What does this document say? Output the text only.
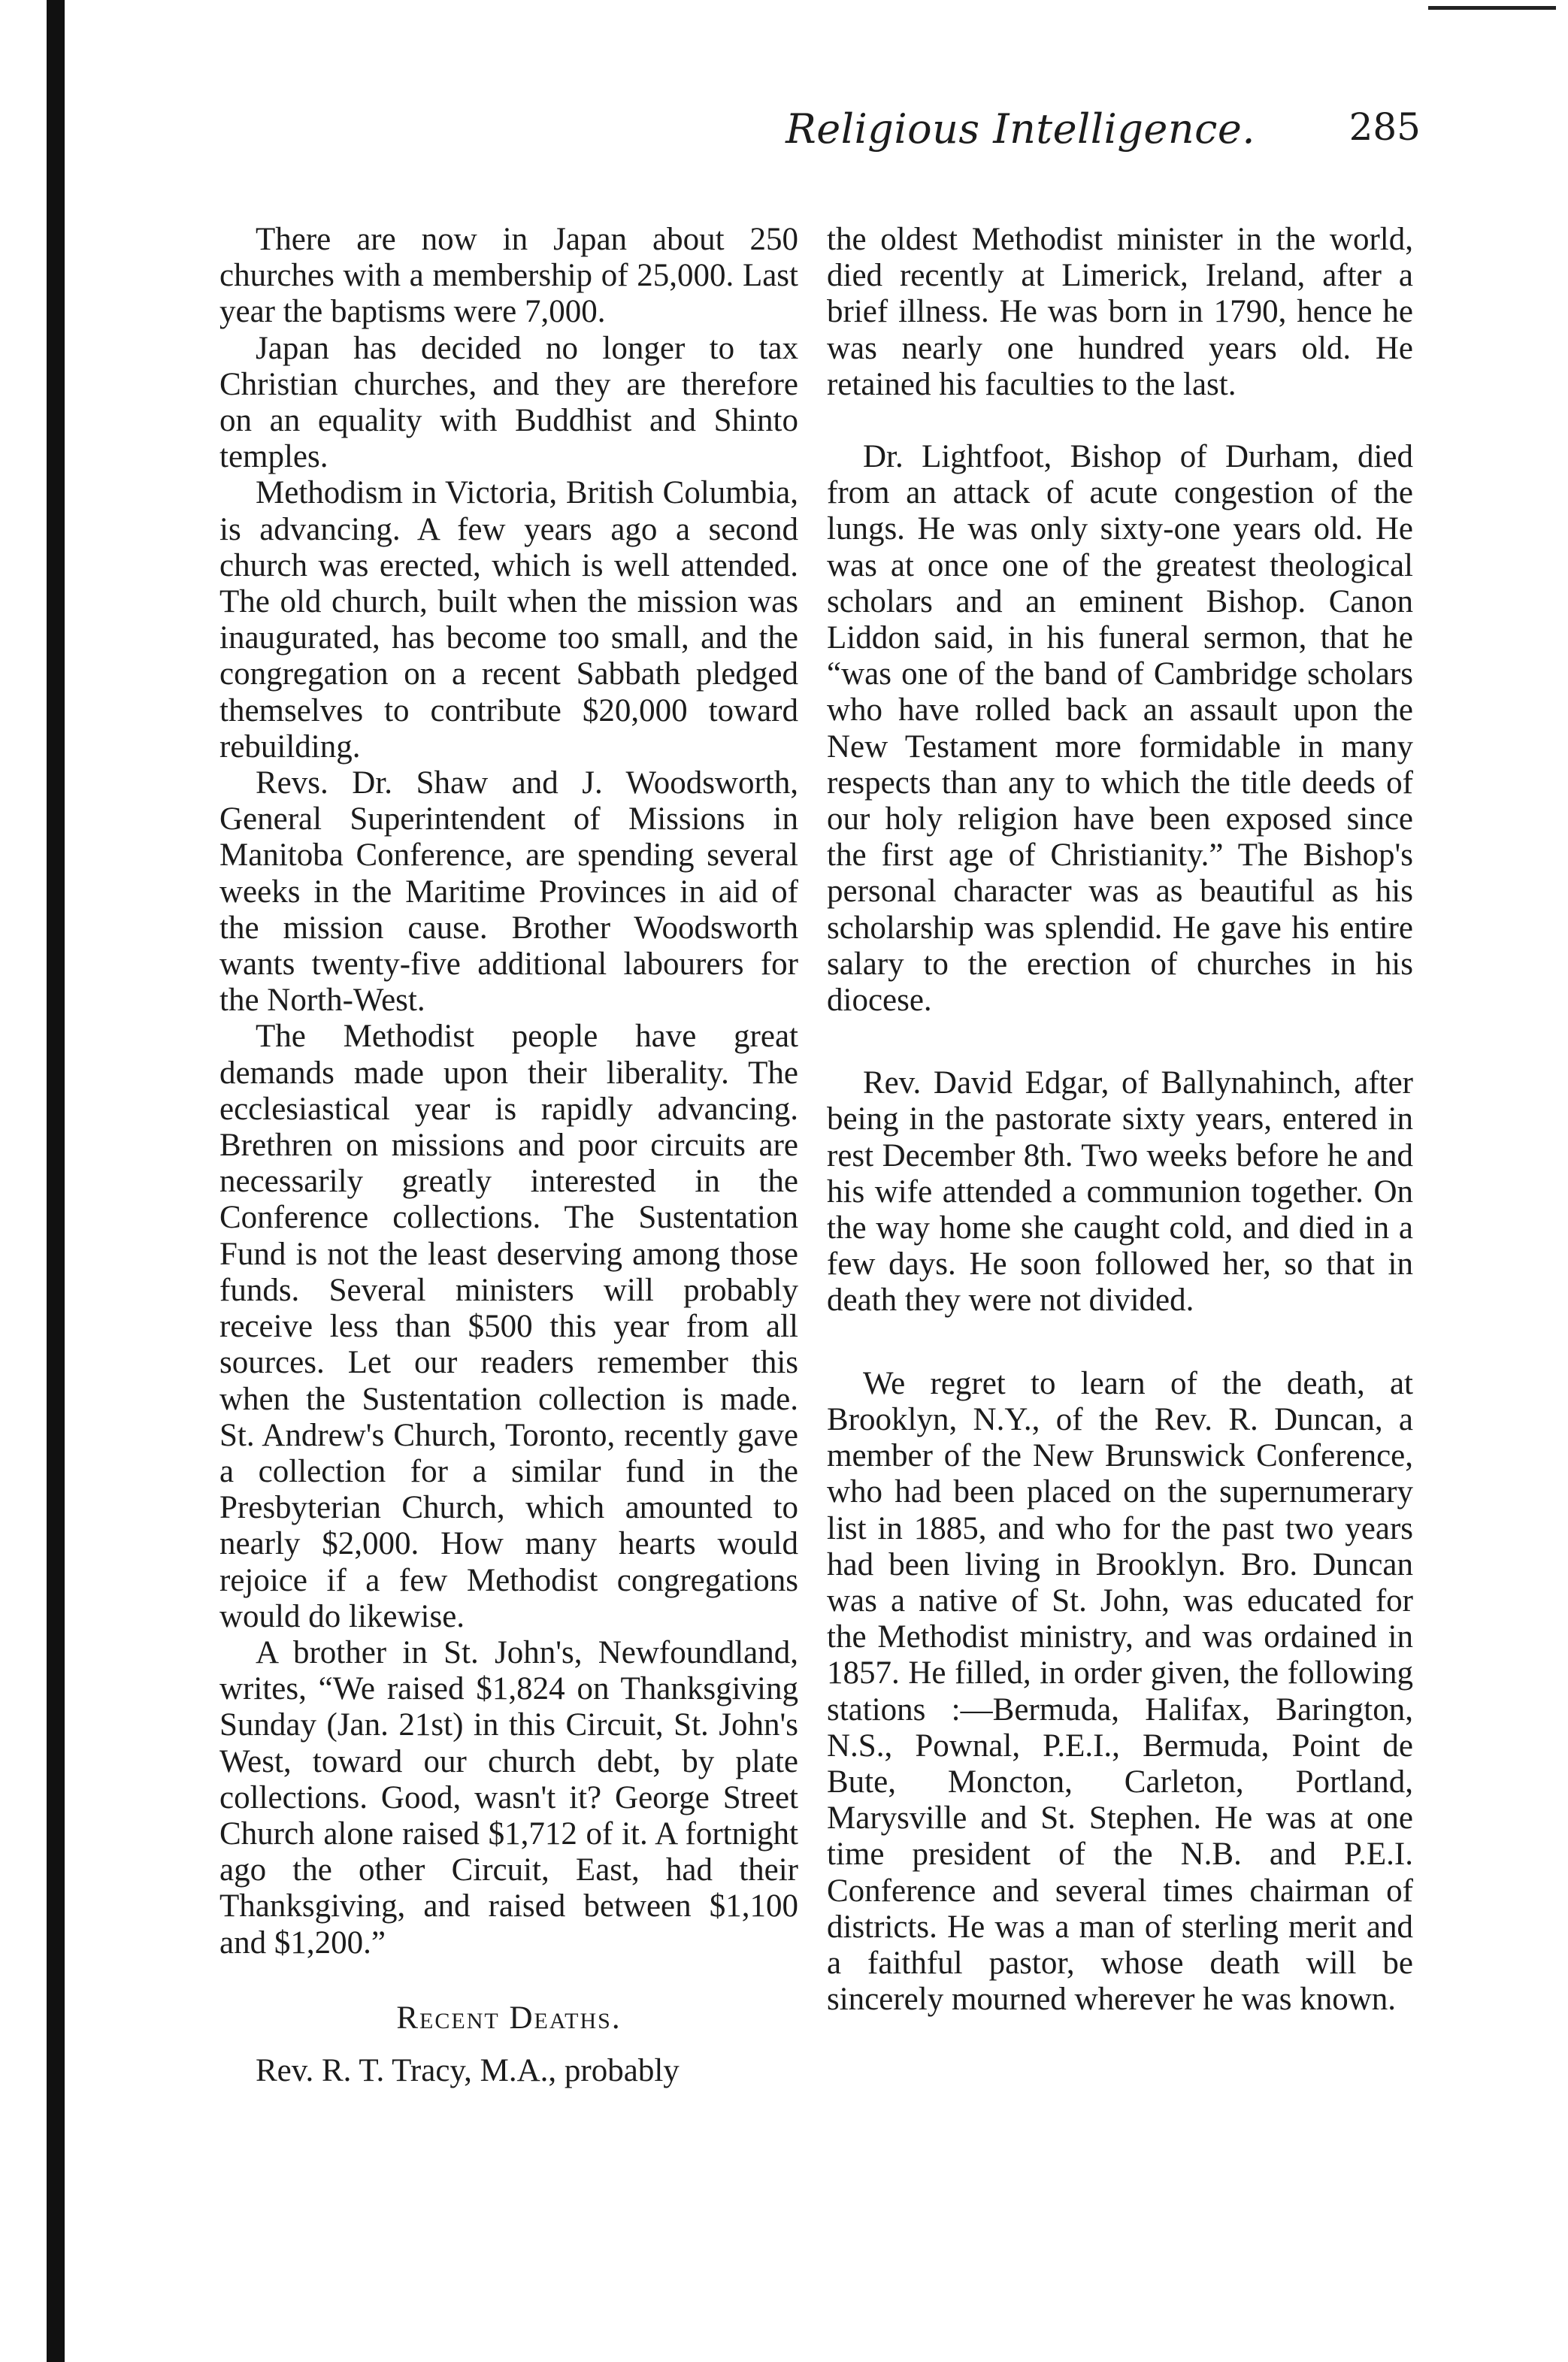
Religious Intelligence. 285

There are now in Japan about 250 churches with a membership of 25,000. Last year the baptisms were 7,000.

Japan has decided no longer to tax Christian churches, and they are therefore on an equality with Buddhist and Shinto temples.

Methodism in Victoria, British Columbia, is advancing. A few years ago a second church was erected, which is well attended. The old church, built when the mission was inaugurated, has become too small, and the congregation on a recent Sabbath pledged themselves to contribute $20,000 toward rebuilding.

Revs. Dr. Shaw and J. Woodsworth, General Superintendent of Missions in Manitoba Conference, are spending several weeks in the Maritime Provinces in aid of the mission cause. Brother Woodsworth wants twenty-five additional labourers for the North-West.

The Methodist people have great demands made upon their liberality. The ecclesiastical year is rapidly advancing. Brethren on missions and poor circuits are necessarily greatly interested in the Conference collections. The Sustentation Fund is not the least deserving among those funds. Several ministers will probably receive less than $500 this year from all sources. Let our readers remember this when the Sustentation collection is made. St. Andrew's Church, Toronto, recently gave a collection for a similar fund in the Presbyterian Church, which amounted to nearly $2,000. How many hearts would rejoice if a few Methodist congregations would do likewise.

A brother in St. John's, Newfoundland, writes, “We raised $1,824 on Thanksgiving Sunday (Jan. 21st) in this Circuit, St. John's West, toward our church debt, by plate collections. Good, wasn't it? George Street Church alone raised $1,712 of it. A fortnight ago the other Circuit, East, had their Thanksgiving, and raised between $1,100 and $1,200.”

Recent Deaths.

Rev. R. T. Tracy, M.A., probably

the oldest Methodist minister in the world, died recently at Limerick, Ireland, after a brief illness. He was born in 1790, hence he was nearly one hundred years old. He retained his faculties to the last.

Dr. Lightfoot, Bishop of Durham, died from an attack of acute congestion of the lungs. He was only sixty-one years old. He was at once one of the greatest theological scholars and an eminent Bishop. Canon Liddon said, in his funeral sermon, that he “was one of the band of Cambridge scholars who have rolled back an assault upon the New Testament more formidable in many respects than any to which the title deeds of our holy religion have been exposed since the first age of Christianity.” The Bishop's personal character was as beautiful as his scholarship was splendid. He gave his entire salary to the erection of churches in his diocese.

Rev. David Edgar, of Ballynahinch, after being in the pastorate sixty years, entered in rest December 8th. Two weeks before he and his wife attended a communion together. On the way home she caught cold, and died in a few days. He soon followed her, so that in death they were not divided.

We regret to learn of the death, at Brooklyn, N.Y., of the Rev. R. Duncan, a member of the New Brunswick Conference, who had been placed on the supernumerary list in 1885, and who for the past two years had been living in Brooklyn. Bro. Duncan was a native of St. John, was educated for the Methodist ministry, and was ordained in 1857. He filled, in order given, the following stations :—Bermuda, Halifax, Barington, N.S., Pownal, P.E.I., Bermuda, Point de Bute, Moncton, Carleton, Portland, Marysville and St. Stephen. He was at one time president of the N.B. and P.E.I. Conference and several times chairman of districts. He was a man of sterling merit and a faithful pastor, whose death will be sincerely mourned wherever he was known.
